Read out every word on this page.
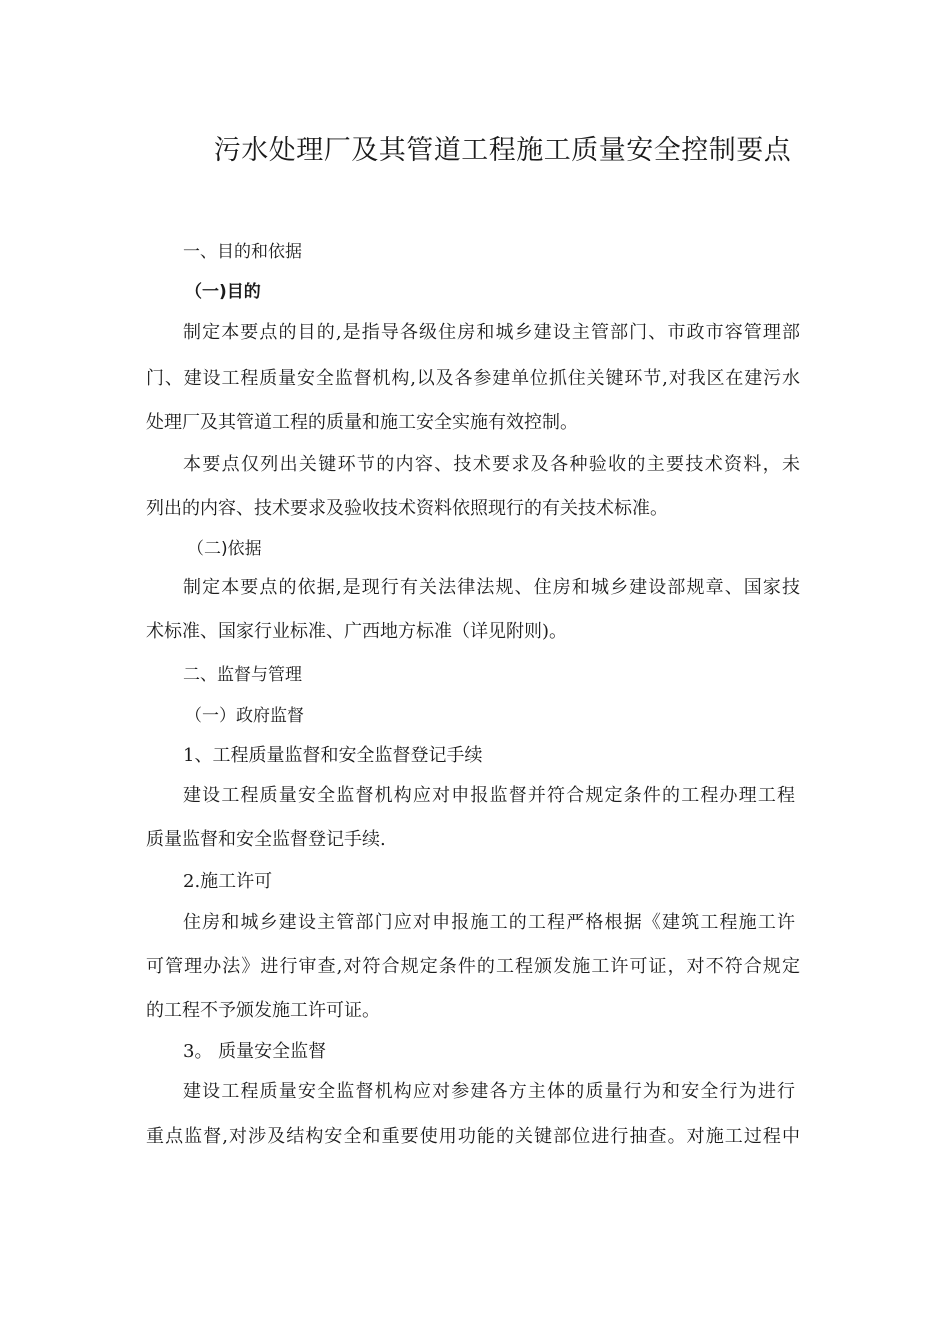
污水处理厂及其管道工程施工质量安全控制要点
一、目的和依据
（一)目的
制定本要点的目的,是指导各级住房和城乡建设主管部门、市政市容管理部
门、建设工程质量安全监督机构,以及各参建单位抓住关键环节,对我区在建污水
处理厂及其管道工程的质量和施工安全实施有效控制。
本要点仅列出关键环节的内容、技术要求及各种验收的主要技术资料，未
列出的内容、技术要求及验收技术资料依照现行的有关技术标准。
（二)依据
制定本要点的依据,是现行有关法律法规、住房和城乡建设部规章、国家技
术标准、国家行业标准、广西地方标准（详见附则)。
二、监督与管理
（一）政府监督
1、工程质量监督和安全监督登记手续
建设工程质量安全监督机构应对申报监督并符合规定条件的工程办理工程
质量监督和安全监督登记手续.
2.施工许可
住房和城乡建设主管部门应对申报施工的工程严格根据《建筑工程施工许
可管理办法》进行审查,对符合规定条件的工程颁发施工许可证，对不符合规定
的工程不予颁发施工许可证。
3。 质量安全监督
建设工程质量安全监督机构应对参建各方主体的质量行为和安全行为进行
重点监督,对涉及结构安全和重要使用功能的关键部位进行抽查。对施工过程中
